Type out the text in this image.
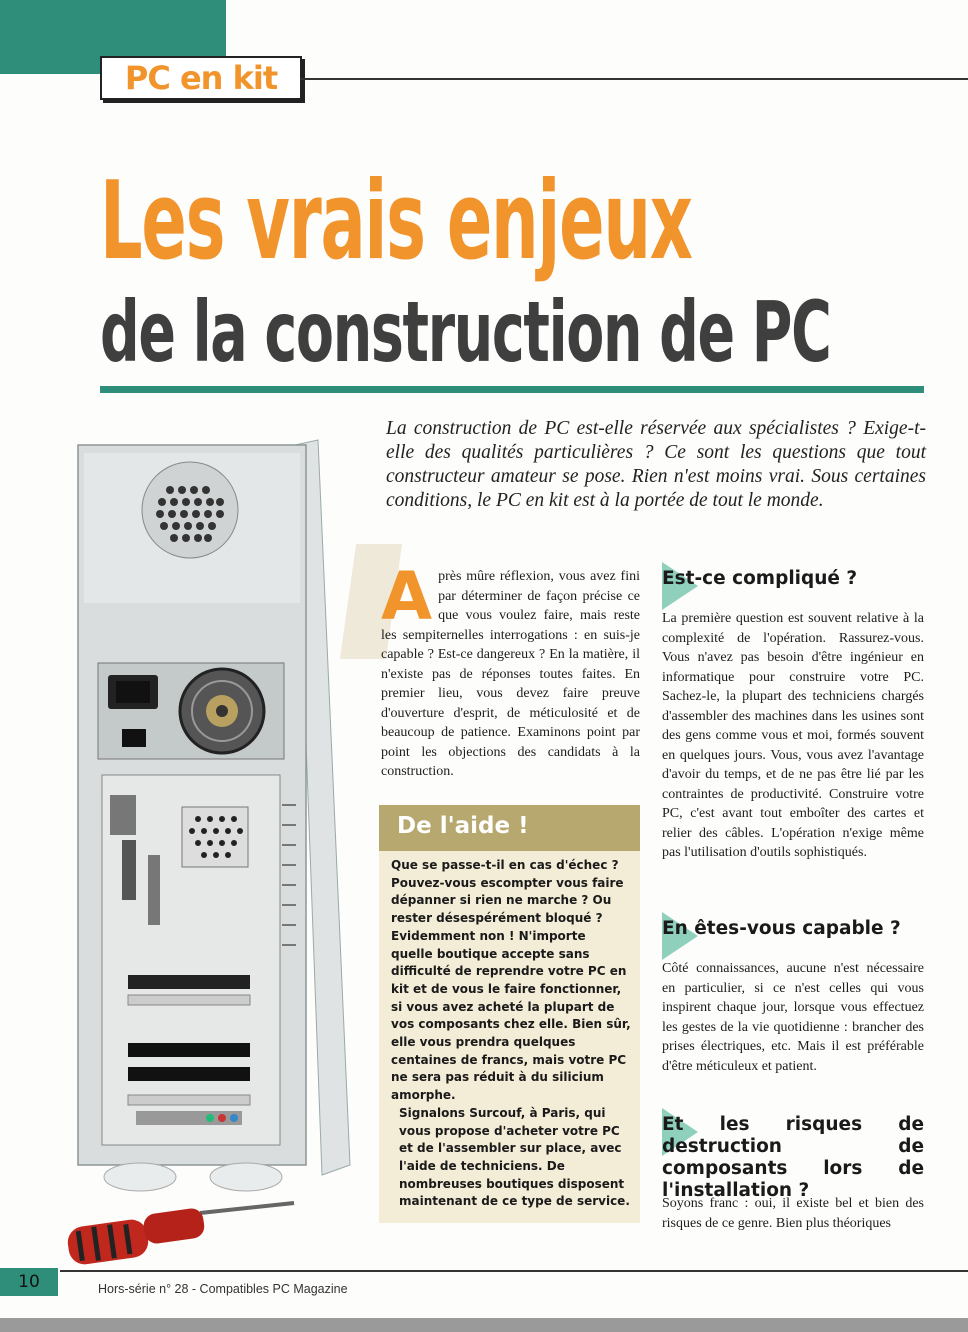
PC en kit
Les vrais enjeux
de la construction de PC
La construction de PC est-elle réservée aux spécialistes ? Exige-t-elle des qualités particulières ? Ce sont les questions que tout constructeur amateur se pose. Rien n'est moins vrai. Sous certaines conditions, le PC en kit est à la portée de tout le monde.
A près mûre réflexion, vous avez fini par déterminer de façon précise ce que vous voulez faire, mais reste les sempiternelles interrogations : en suis-je capable ? Est-ce dangereux ? En la matière, il n'existe pas de réponses toutes faites. En premier lieu, vous devez faire preuve d'ouverture d'esprit, de méticulosité et de beaucoup de patience. Examinons point par point les objections des candidats à la construction.
De l'aide !
Que se passe-t-il en cas d'échec ? Pouvez-vous escompter vous faire dépanner si rien ne marche ? Ou rester désespérément bloqué ? Evidemment non ! N'importe quelle boutique accepte sans difficulté de reprendre votre PC en kit et de vous le faire fonctionner, si vous avez acheté la plupart de vos composants chez elle. Bien sûr, elle vous prendra quelques centaines de francs, mais votre PC ne sera pas réduit à du silicium amorphe.
Signalons Surcouf, à Paris, qui vous propose d'acheter votre PC et de l'assembler sur place, avec l'aide de techniciens. De nombreuses boutiques disposent maintenant de ce type de service.
Est-ce compliqué ?

La première question est souvent relative à la complexité de l'opération. Rassurez-vous. Vous n'avez pas besoin d'être ingénieur en informatique pour construire votre PC. Sachez-le, la plupart des techniciens chargés d'assembler des machines dans les usines sont des gens comme vous et moi, formés souvent en quelques jours. Vous, vous avez l'avantage d'avoir du temps, et de ne pas être lié par les contraintes de productivité. Construire votre PC, c'est avant tout emboîter des cartes et relier des câbles. L'opération n'exige même pas l'utilisation d'outils sophistiqués.

En êtes-vous capable ?

Côté connaissances, aucune n'est nécessaire en particulier, si ce n'est celles qui vous inspirent chaque jour, lorsque vous effectuez les gestes de la vie quotidienne : brancher des prises électriques, etc. Mais il est préférable d'être méticuleux et patient.

Et les risques de destruction de composants lors de l'installation ?

Soyons franc : oui, il existe bel et bien des risques de ce genre. Bien plus théoriques

10	Hors-série n° 28 - Compatibles PC Magazine
